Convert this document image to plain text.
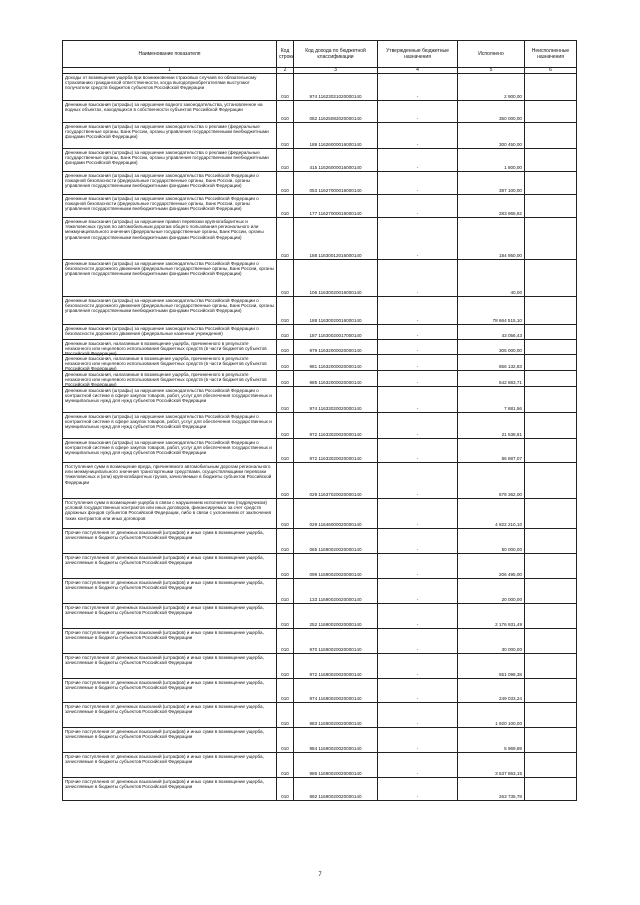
Наименование показателя	Код строки	Код дохода по бюджетной классификации	Утвержденные бюджетные назначения	Исполнено	Неисполненные назначения
1	2	3	4	5	6

Доходы от возмещения ущерба при возникновении страховых случаев по обязательному страхованию гражданской ответственности, когда выгодоприобретателями выступают получатели средств бюджетов субъектов Российской Федерации	010	974 11623021020000140	-	2 900,00	

Денежные взыскания (штрафы) за нарушение водного законодательства, установленное на водных объектах, находящихся в собственности субъектов Российской Федерации	010	082 11625082020000140	-	350 000,00	

Денежные взыскания (штрафы) за нарушение законодательства о рекламе (федеральные государственные органы, Банк России, органы управления государственными внебюджетными фондами Российской Федерации)	010	189 11626000016000140	-	300 450,00	

Денежные взыскания (штрафы) за нарушение законодательства о рекламе (федеральные государственные органы, Банк России, органы управления государственными внебюджетными фондами Российской Федерации)	010	415 11626000016000140	-	1 800,00	

Денежные взыскания (штрафы) за нарушение законодательства Российской Федерации о пожарной безопасности (федеральные государственные органы, Банк России, органы управления государственными внебюджетными фондами Российской Федерации)	010	053 11627000016000140	-	387 100,00	

Денежные взыскания (штрафы) за нарушение законодательства Российской Федерации о пожарной безопасности (федеральные государственные органы, Банк России, органы управления государственными внебюджетными фондами Российской Федерации)	010	177 11627000016000140	-	283 965,62	

Денежные взыскания (штрафы) за нарушение правил перевозки крупногабаритных и тяжеловесных грузов по автомобильным дорогам общего пользования регионального или межмуниципального значения (федеральные государственные органы, Банк России, органы управления государственными внебюджетными фондами Российской Федерации)	010	188 11630012016000140	-	184 950,00	

Денежные взыскания (штрафы) за нарушение законодательства Российской Федерации о безопасности дорожного движения (федеральные государственные органы, Банк России, органы управления государственными внебюджетными фондами Российской Федерации)	010	106 11630020016000140	-	40,00	

Денежные взыскания (штрафы) за нарушение законодательства Российской Федерации о безопасности дорожного движения (федеральные государственные органы, Банк России, органы управления государственными внебюджетными фондами Российской Федерации)	010	188 11630020016000140	-	78 664 515,10	

Денежные взыскания (штрафы) за нарушение законодательства Российской Федерации о безопасности дорожного движения (федеральные казенные учреждения)	010	187 11630020017000140	-	43 056,43	

Денежные взыскания, налагаемые в возмещение ущерба, причиненного в результате незаконного или нецелевого использования бюджетных средств (в части бюджетов субъектов Российской Федерации)	010	979 11632000020000140	-	305 000,00	

Денежные взыскания, налагаемые в возмещение ущерба, причиненного в результате незаконного или нецелевого использования бюджетных средств (в части бюджетов субъектов Российской Федерации)	010	981 11632000020000140	-	856 132,83	

Денежные взыскания, налагаемые в возмещение ущерба, причиненного в результате незаконного или нецелевого использования бюджетных средств (в части бюджетов субъектов Российской Федерации)	010	985 11632000020000140	-	542 883,71	

Денежные взыскания (штрафы) за нарушение законодательства Российской Федерации о контрактной системе в сфере закупок товаров, работ, услуг для обеспечения государственных и муниципальных нужд для нужд субъектов Российской Федерации	010	974 11633020020000140	-	7 881,56	

Денежные взыскания (штрафы) за нарушение законодательства Российской Федерации о контрактной системе в сфере закупок товаров, работ, услуг для обеспечения государственных и муниципальных нужд для нужд субъектов Российской Федерации	010	972 11633020020000140	-	21 538,81	

Денежные взыскания (штрафы) за нарушение законодательства Российской Федерации о контрактной системе в сфере закупок товаров, работ, услуг для обеспечения государственных и муниципальных нужд для нужд субъектов Российской Федерации	010	972 11633020020000140	-	66 887,07	

Поступления сумм в возмещение вреда, причиняемого автомобильным дорогам регионального или межмуниципального значения транспортными средствами, осуществляющими перевозки тяжеловесных и (или) крупногабаритных грузов, зачисляемые в бюджеты субъектов Российской Федерации	010	029 11637020020000140	-	678 362,00	

Поступления сумм в возмещение ущерба в связи с нарушением исполнителем (подрядчиком) условий государственных контрактов или иных договоров, финансируемых за счет средств дорожных фондов субъектов Российской Федерации, либо в связи с уклонением от заключения таких контрактов или иных договоров	010	029 11646000020000140	-	4 822 210,10	

Прочие поступления от денежных взысканий (штрафов) и иных сумм в возмещение ущерба, зачисляемые в бюджеты субъектов Российской Федерации	010	065 11690020020000140	-	50 000,00	

Прочие поступления от денежных взысканий (штрафов) и иных сумм в возмещение ущерба, зачисляемые в бюджеты субъектов Российской Федерации	010	099 11690020020000140	-	206 495,00	

Прочие поступления от денежных взысканий (штрафов) и иных сумм в возмещение ущерба, зачисляемые в бюджеты субъектов Российской Федерации	010	133 11690020020000140	-	20 000,00	

Прочие поступления от денежных взысканий (штрафов) и иных сумм в возмещение ущерба, зачисляемые в бюджеты субъектов Российской Федерации	010	252 11690020020000140	-	2 176 931,49	

Прочие поступления от денежных взысканий (штрафов) и иных сумм в возмещение ущерба, зачисляемые в бюджеты субъектов Российской Федерации	010	970 11690020020000140	-	30 000,00	

Прочие поступления от денежных взысканий (штрафов) и иных сумм в возмещение ущерба, зачисляемые в бюджеты субъектов Российской Федерации	010	972 11690020020000140	-	551 098,38	

Прочие поступления от денежных взысканий (штрафов) и иных сумм в возмещение ущерба, зачисляемые в бюджеты субъектов Российской Федерации	010	974 11690020020000140	-	249 033,24	

Прочие поступления от денежных взысканий (штрафов) и иных сумм в возмещение ущерба, зачисляемые в бюджеты субъектов Российской Федерации	010	983 11690020020000140	-	1 920 100,00	

Прочие поступления от денежных взысканий (штрафов) и иных сумм в возмещение ущерба, зачисляемые в бюджеты субъектов Российской Федерации	010	984 11690020020000140	-	5 969,89	

Прочие поступления от денежных взысканий (штрафов) и иных сумм в возмещение ущерба, зачисляемые в бюджеты субъектов Российской Федерации	010	986 11690020020000140	-	3 537 863,15	

Прочие поступления от денежных взысканий (штрафов) и иных сумм в возмещение ущерба, зачисляемые в бюджеты субъектов Российской Федерации	010	892 11690020020000140	-	263 735,78	
7
